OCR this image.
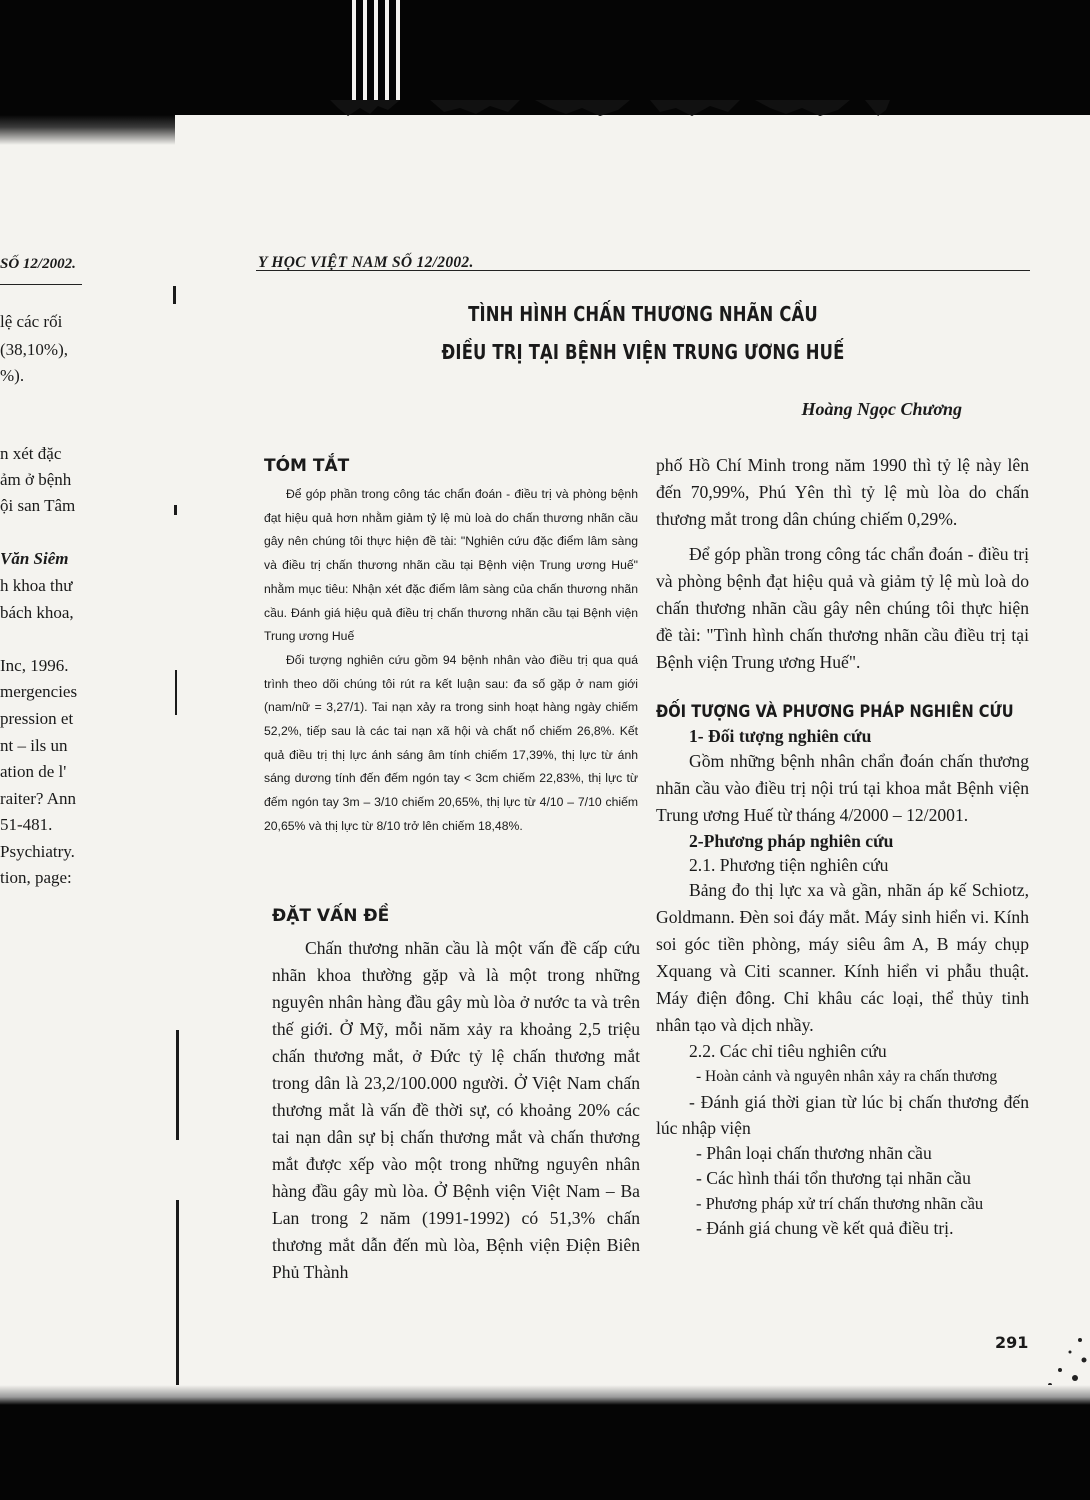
SỐ 12/2002.
lệ các rối
(38,10%),
%).
n xét đặc
ảm ở bệnh
ội san Tâm
Văn Siêm
h khoa thư
bách khoa,
Inc, 1996.
mergencies
pression et
nt – ils un
ation de l'
raiter? Ann
51-481.
Psychiatry.
tion, page:
Y HỌC VIỆT NAM SỐ 12/2002.
TÌNH HÌNH CHẤN THƯƠNG NHÃN CẦU
ĐIỀU TRỊ TẠI BỆNH VIỆN TRUNG ƯƠNG HUẾ
Hoàng Ngọc Chương
TÓM TẮT

Để góp phần trong công tác chẩn đoán - điều trị và phòng bệnh đạt hiệu quả hơn nhằm giảm tỷ lệ mù loà do chấn thương nhãn cầu gây nên chúng tôi thực hiện đề tài: "Nghiên cứu đặc điểm lâm sàng và điều trị chấn thương nhãn cầu tại Bệnh viện Trung ương Huế" nhằm mục tiêu: Nhận xét đặc điểm lâm sàng của chấn thương nhãn cầu. Đánh giá hiệu quả điều trị chấn thương nhãn cầu tại Bệnh viện Trung ương Huế

Đối tượng nghiên cứu gồm 94 bệnh nhân vào điều trị qua quá trình theo dõi chúng tôi rút ra kết luận sau: đa số gặp ở nam giới (nam/nữ = 3,27/1). Tai nạn xảy ra trong sinh hoạt hàng ngày chiếm 52,2%, tiếp sau là các tai nạn xã hội và chất nổ chiếm 26,8%. Kết quả điều trị thị lực ánh sáng âm tính chiếm 17,39%, thị lực từ ánh sáng dương tính đến đếm ngón tay < 3cm chiếm 22,83%, thị lực từ đếm ngón tay 3m – 3/10 chiếm 20,65%, thị lực từ 4/10 – 7/10 chiếm 20,65% và thị lực từ 8/10 trở lên chiếm 18,48%.

ĐẶT VẤN ĐỀ

Chấn thương nhãn cầu là một vấn đề cấp cứu nhãn khoa thường gặp và là một trong những nguyên nhân hàng đầu gây mù lòa ở nước ta và trên thế giới. Ở Mỹ, mỗi năm xảy ra khoảng 2,5 triệu chấn thương mắt, ở Đức tỷ lệ chấn thương mắt trong dân là 23,2/100.000 người. Ở Việt Nam chấn thương mắt là vấn đề thời sự, có khoảng 20% các tai nạn dân sự bị chấn thương mắt và chấn thương mắt được xếp vào một trong những nguyên nhân hàng đầu gây mù lòa. Ở Bệnh viện Việt Nam – Ba Lan trong 2 năm (1991-1992) có 51,3% chấn thương mắt dẫn đến mù lòa, Bệnh viện Điện Biên Phủ Thành

phố Hồ Chí Minh trong năm 1990 thì tỷ lệ này lên đến 70,99%, Phú Yên thì tỷ lệ mù lòa do chấn thương mắt trong dân chúng chiếm 0,29%.

Để góp phần trong công tác chẩn đoán - điều trị và phòng bệnh đạt hiệu quả và giảm tỷ lệ mù loà do chấn thương nhãn cầu gây nên chúng tôi thực hiện đề tài: "Tình hình chấn thương nhãn cầu điều trị tại Bệnh viện Trung ương Huế".

ĐỐI TƯỢNG VÀ PHƯƠNG PHÁP NGHIÊN CỨU

1- Đối tượng nghiên cứu

Gồm những bệnh nhân chẩn đoán chấn thương nhãn cầu vào điều trị nội trú tại khoa mắt Bệnh viện Trung ương Huế từ tháng 4/2000 – 12/2001.

2-Phương pháp nghiên cứu

2.1. Phương tiện nghiên cứu

Bảng đo thị lực xa và gần, nhãn áp kế Schiotz, Goldmann. Đèn soi đáy mắt. Máy sinh hiển vi. Kính soi góc tiền phòng, máy siêu âm A, B máy chụp Xquang và Citi scanner. Kính hiển vi phẫu thuật. Máy điện đông. Chỉ khâu các loại, thể thủy tinh nhân tạo và dịch nhầy.

2.2. Các chỉ tiêu nghiên cứu

- Hoàn cảnh và nguyên nhân xảy ra chấn thương

- Đánh giá thời gian từ lúc bị chấn thương đến lúc nhập viện

- Phân loại chấn thương nhãn cầu

- Các hình thái tổn thương tại nhãn cầu

- Phương pháp xử trí chấn thương nhãn cầu

- Đánh giá chung về kết quả điều trị.

291
